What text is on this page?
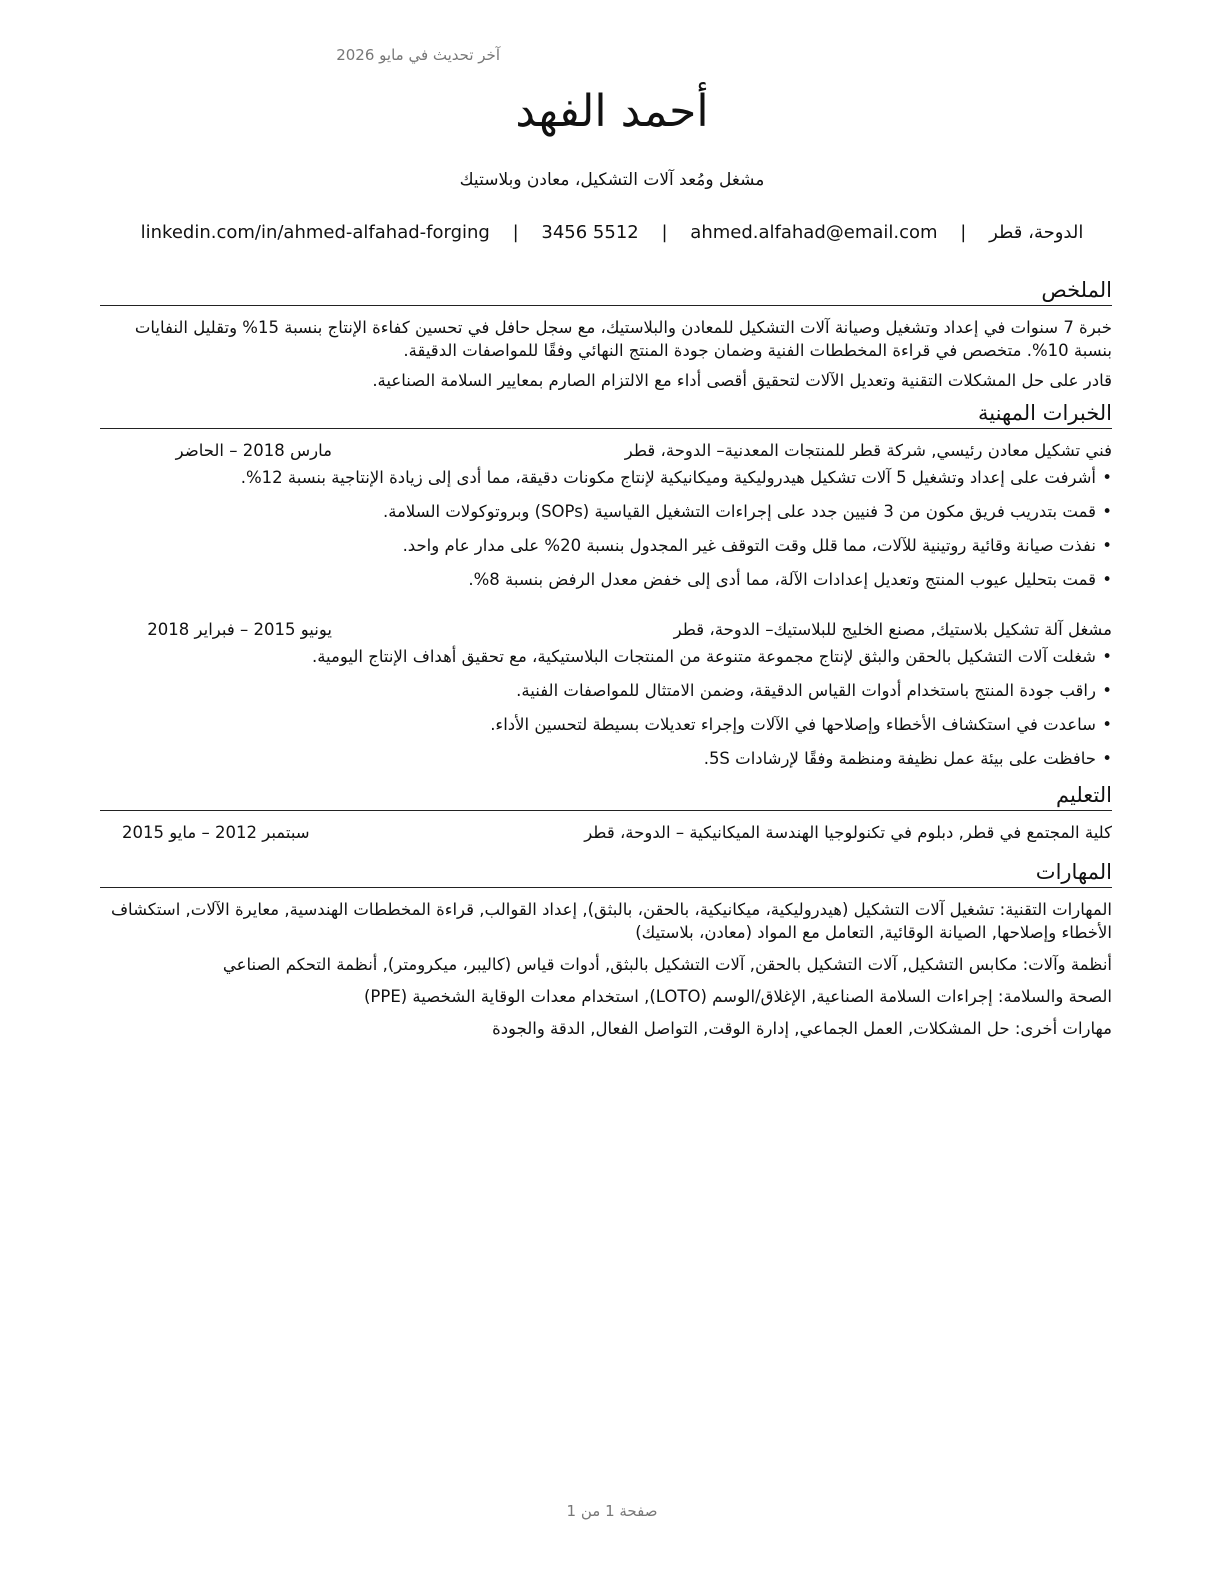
آخر تحديث في مايو 2026
أحمد الفهد
مشغل ومُعد آلات التشكيل، معادن وبلاستيك
الدوحة، قطر | ahmed.alfahad@email.com | 3456 5512 | linkedin.com/in/ahmed-alfahad-forging
الملخص

خبرة 7 سنوات في إعداد وتشغيل وصيانة آلات التشكيل للمعادن والبلاستيك، مع سجل حافل في تحسين كفاءة الإنتاج بنسبة 15% وتقليل النفايات بنسبة 10%. متخصص في قراءة المخططات الفنية وضمان جودة المنتج النهائي وفقًا للمواصفات الدقيقة.

قادر على حل المشكلات التقنية وتعديل الآلات لتحقيق أقصى أداء مع الالتزام الصارم بمعايير السلامة الصناعية.

الخبرات المهنية
فني تشكيل معادن رئيسي, شركة قطر للمنتجات المعدنية
– الدوحة، قطر
مارس 2018 – الحاضر
•
أشرفت على إعداد وتشغيل 5 آلات تشكيل هيدروليكية وميكانيكية لإنتاج مكونات دقيقة، مما أدى إلى زيادة الإنتاجية بنسبة 12%.
•
قمت بتدريب فريق مكون من 3 فنيين جدد على إجراءات التشغيل القياسية (SOPs) وبروتوكولات السلامة.
•
نفذت صيانة وقائية روتينية للآلات، مما قلل وقت التوقف غير المجدول بنسبة 20% على مدار عام واحد.
•
قمت بتحليل عيوب المنتج وتعديل إعدادات الآلة، مما أدى إلى خفض معدل الرفض بنسبة 8%.
مشغل آلة تشكيل بلاستيك, مصنع الخليج للبلاستيك
– الدوحة، قطر
يونيو 2015 – فبراير 2018
•
شغلت آلات التشكيل بالحقن والبثق لإنتاج مجموعة متنوعة من المنتجات البلاستيكية، مع تحقيق أهداف الإنتاج اليومية.
•
راقب جودة المنتج باستخدام أدوات القياس الدقيقة، وضمن الامتثال للمواصفات الفنية.
•
ساعدت في استكشاف الأخطاء وإصلاحها في الآلات وإجراء تعديلات بسيطة لتحسين الأداء.
•
حافظت على بيئة عمل نظيفة ومنظمة وفقًا لإرشادات 5S.
التعليم
كلية المجتمع في قطر, دبلوم في تكنولوجيا الهندسة الميكانيكية – الدوحة، قطر
سبتمبر 2012 – مايو 2015
المهارات

المهارات التقنية: تشغيل آلات التشكيل (هيدروليكية، ميكانيكية، بالحقن، بالبثق), إعداد القوالب, قراءة المخططات الهندسية, معايرة الآلات, استكشاف الأخطاء وإصلاحها, الصيانة الوقائية, التعامل مع المواد (معادن، بلاستيك)

أنظمة وآلات: مكابس التشكيل, آلات التشكيل بالحقن, آلات التشكيل بالبثق, أدوات قياس (كاليبر، ميكرومتر), أنظمة التحكم الصناعي

الصحة والسلامة: إجراءات السلامة الصناعية, الإغلاق/الوسم (LOTO), استخدام معدات الوقاية الشخصية (PPE)

مهارات أخرى: حل المشكلات, العمل الجماعي, إدارة الوقت, التواصل الفعال, الدقة والجودة

صفحة 1 من 1
